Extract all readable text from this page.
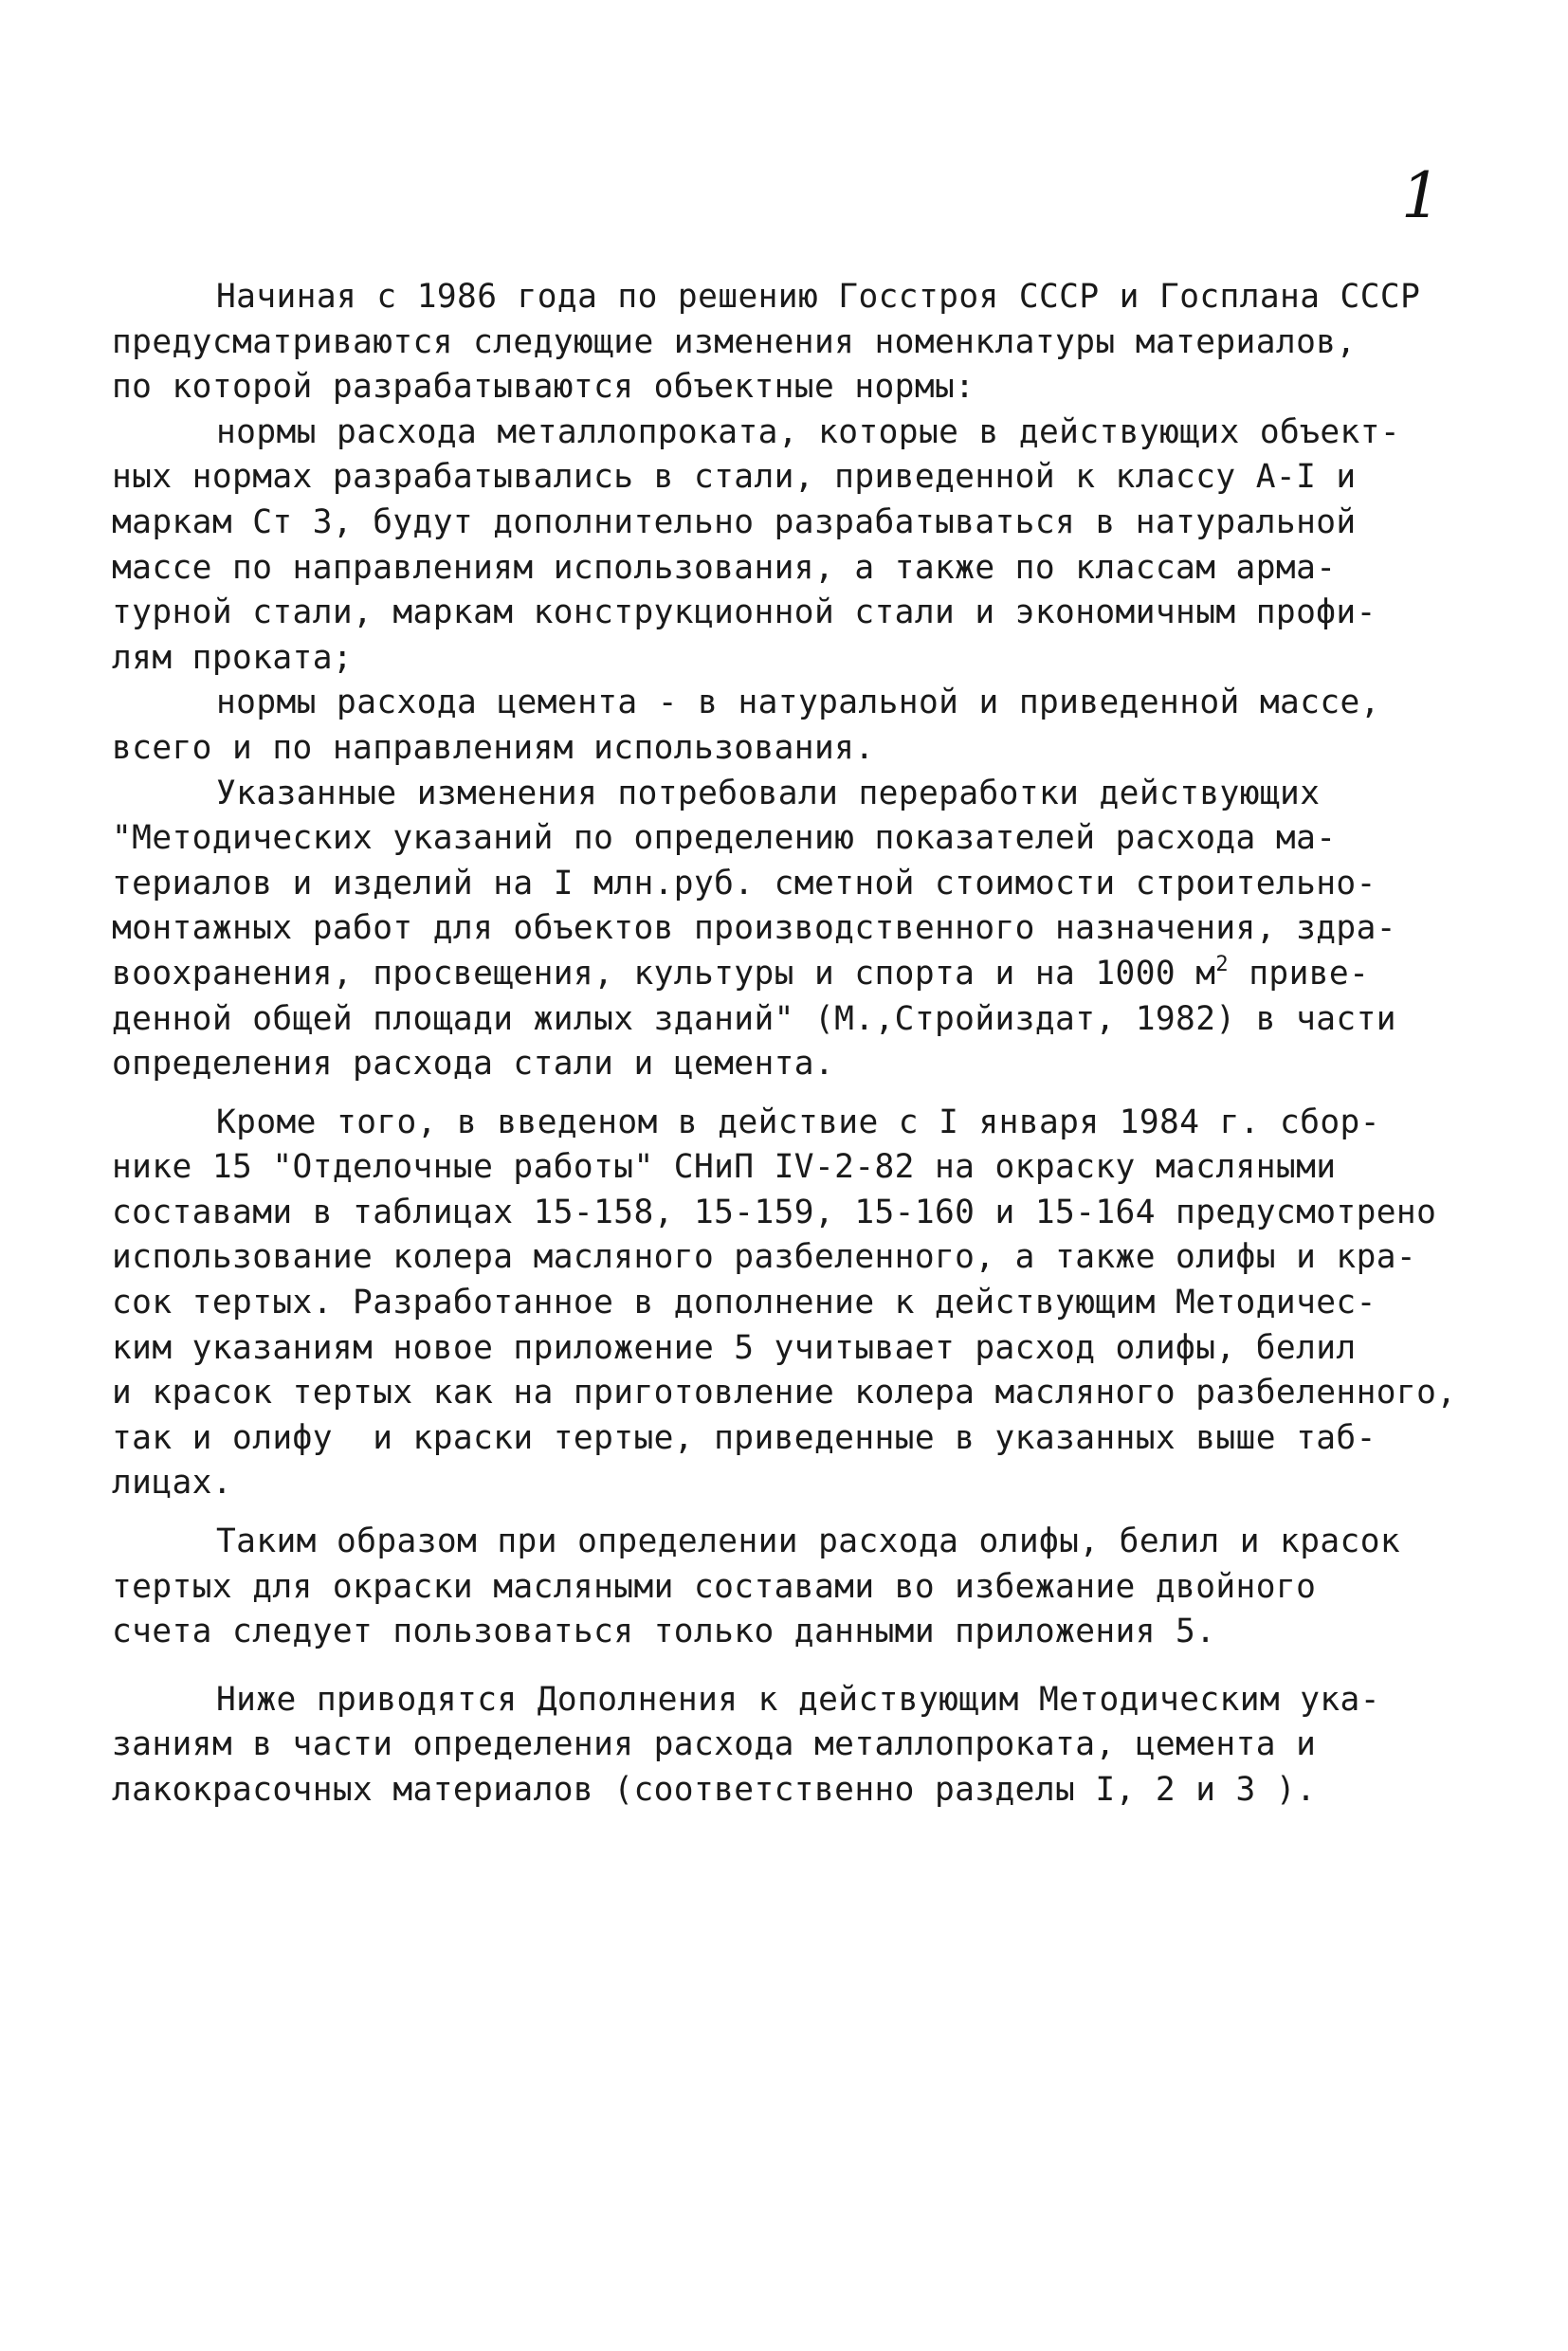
1
Начиная с 1986 года по решению Госстроя СССР и Госплана СССР
предусматриваются следующие изменения номенклатуры материалов,
по которой разрабатываются объектные нормы:
нормы расхода металлопроката, которые в действующих объект-
ных нормах разрабатывались в стали, приведенной к классу А-I и
маркам Ст 3, будут дополнительно разрабатываться в натуральной
массе по направлениям использования, а также по классам арма-
турной стали, маркам конструкционной стали и экономичным профи-
лям проката;
нормы расхода цемента - в натуральной и приведенной массе,
всего и по направлениям использования.
Указанные изменения потребовали переработки действующих
"Методических указаний по определению показателей расхода ма-
териалов и изделий на I млн.руб. сметной стоимости строительно-
монтажных работ для объектов производственного назначения, здра-
воохранения, просвещения, культуры и спорта и на 1000 $м^2$ приве-
денной общей площади жилых зданий" (М.,Стройиздат, 1982) в части
определения расхода стали и цемента.
Кроме того, в введеном в действие с I января 1984 г. сбор-
нике 15 "Отделочные работы" СНиП IV-2-82 на окраску масляными
составами в таблицах 15-158, 15-159, 15-160 и 15-164 предусмотрено
использование колера масляного разбеленного, а также олифы и кра-
сок тертых. Разработанное в дополнение к действующим Методичес-
ким указаниям новое приложение 5 учитывает расход олифы, белил
и красок тертых как на приготовление колера масляного разбеленного,
так и олифу  и краски тертые, приведенные в указанных выше таб-
лицах.
Таким образом при определении расхода олифы, белил и красок
тертых для окраски масляными составами во избежание двойного
счета следует пользоваться только данными приложения 5.
Ниже приводятся Дополнения к действующим Методическим ука-
заниям в части определения расхода металлопроката, цемента и
лакокрасочных материалов (соответственно разделы I, 2 и 3 ).
